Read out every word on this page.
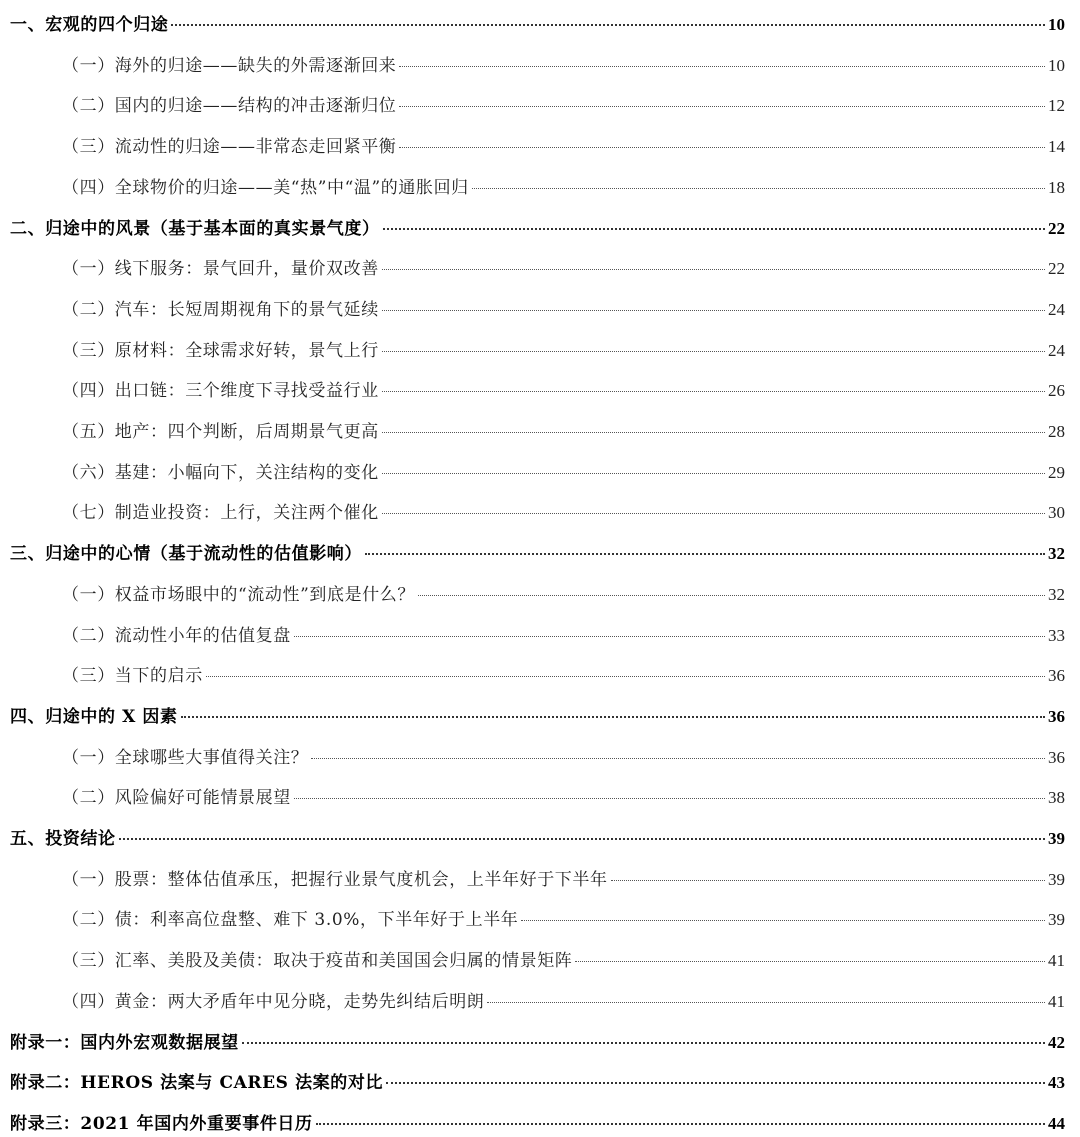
一、宏观的四个归途	10
（一）海外的归途——缺失的外需逐渐回来	10
（二）国内的归途——结构的冲击逐渐归位	12
（三）流动性的归途——非常态走回紧平衡	14
（四）全球物价的归途——美“热”中“温”的通胀回归	18
二、归途中的风景（基于基本面的真实景气度）	22
（一）线下服务：景气回升，量价双改善	22
（二）汽车：长短周期视角下的景气延续	24
（三）原材料：全球需求好转，景气上行	24
（四）出口链：三个维度下寻找受益行业	26
（五）地产：四个判断，后周期景气更高	28
（六）基建：小幅向下，关注结构的变化	29
（七）制造业投资：上行，关注两个催化	30
三、归途中的心情（基于流动性的估值影响）	32
（一）权益市场眼中的“流动性”到底是什么？	32
（二）流动性小年的估值复盘	33
（三）当下的启示	36
四、归途中的 X 因素	36
（一）全球哪些大事值得关注？	36
（二）风险偏好可能情景展望	38
五、投资结论	39
（一）股票：整体估值承压，把握行业景气度机会，上半年好于下半年	39
（二）债：利率高位盘整、难下 3.0%，下半年好于上半年	39
（三）汇率、美股及美债：取决于疫苗和美国国会归属的情景矩阵	41
（四）黄金：两大矛盾年中见分晓，走势先纠结后明朗	41
附录一：国内外宏观数据展望	42
附录二：HEROS 法案与 CARES 法案的对比	43
附录三：2021 年国内外重要事件日历	44
